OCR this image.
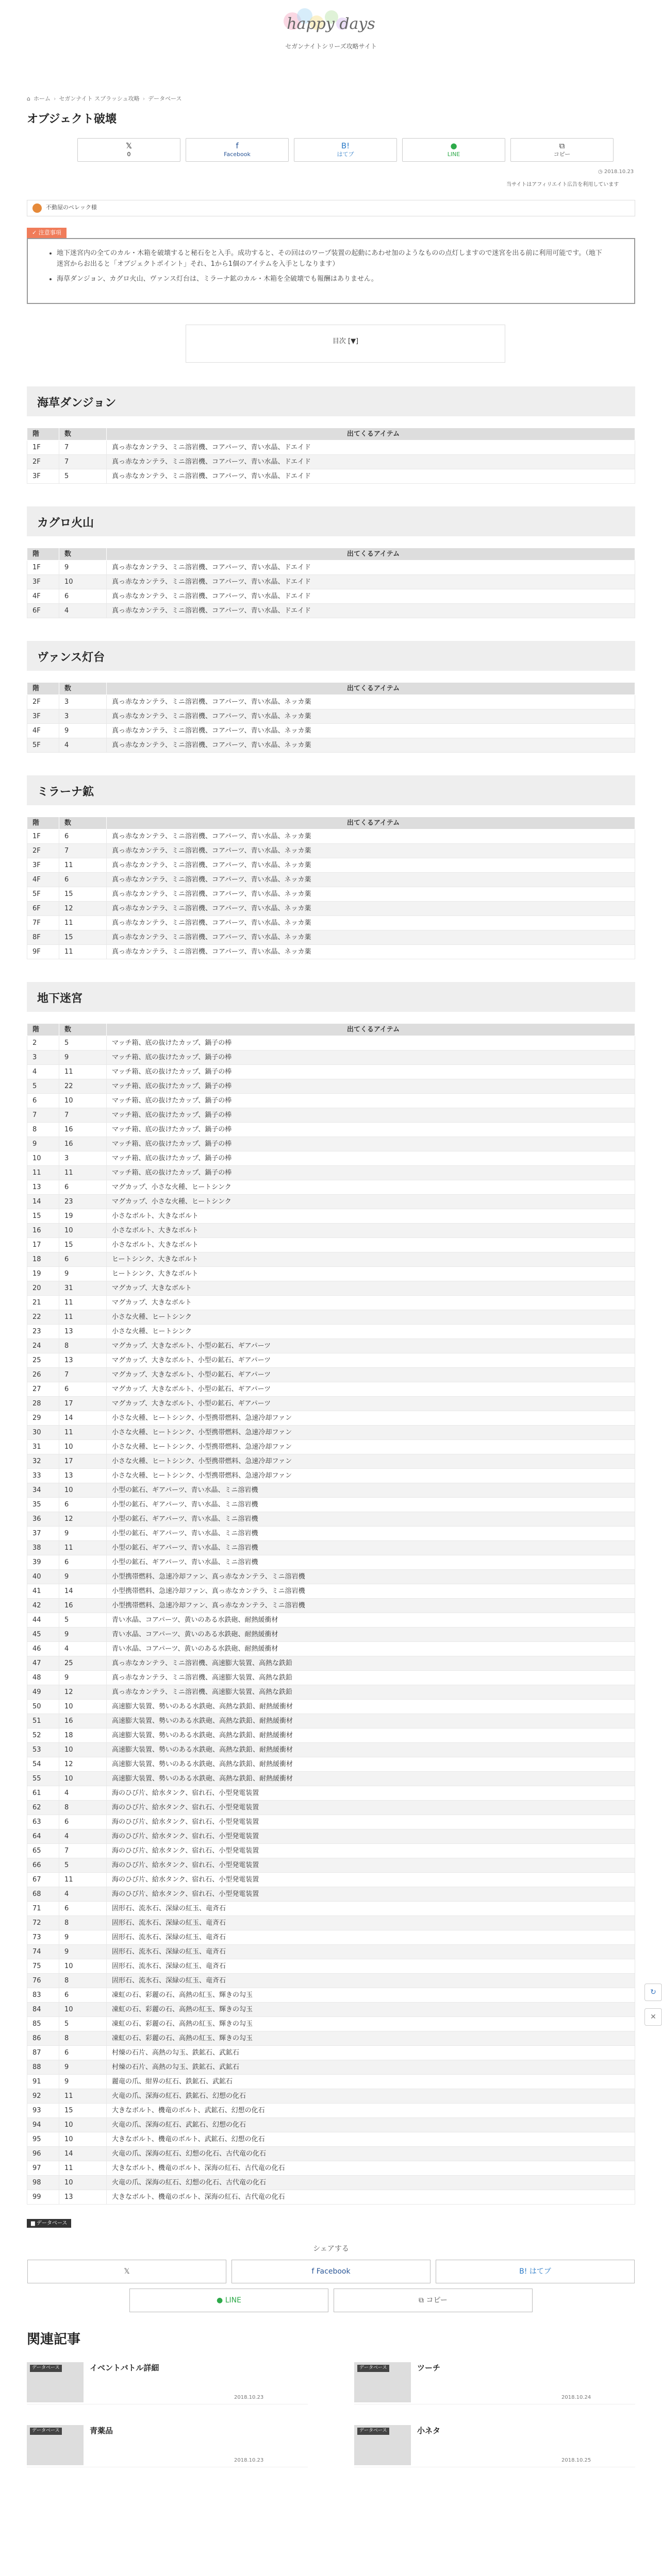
happy days
セガンナイトシリーズ攻略サイト
⌂ ホーム › セガンナイト スプラッシュ攻略 › データベース
オブジェクト破壊
𝕏
0
f
Facebook
B!
はてブ
●
LINE
⧉
コピー
◷ 2018.10.23
当サイトはアフィリエイト広告を利用しています
不動屋のペレック様
✓ 注意事項
• 地下迷宮内の全てのカル・木箱を破壊すると秘石をと入手。成功すると、その回はのワープ装置の起動にあわせ加のようなものの点灯しますので迷宮を出る前に利用可能です。（地下迷宮からお出ると「オブジェクトポイント」それ、1から1個のアイテムを入手としなります）
• 海草ダンジョン、カグロ火山、ヴァンス灯台は、ミラーナ鉱のカル・木箱を全破壊でも報酬はありません。
目次 [▼]
海草ダンジョン
階	数	出てくるアイテム
1F	7	真っ赤なカンテラ、ミニ溶岩機、コアパーツ、青い水晶、ドエイド
2F	7	真っ赤なカンテラ、ミニ溶岩機、コアパーツ、青い水晶、ドエイド
3F	5	真っ赤なカンテラ、ミニ溶岩機、コアパーツ、青い水晶、ドエイド
カグロ火山
階	数	出てくるアイテム
1F	9	真っ赤なカンテラ、ミニ溶岩機、コアパーツ、青い水晶、ドエイド
3F	10	真っ赤なカンテラ、ミニ溶岩機、コアパーツ、青い水晶、ドエイド
4F	6	真っ赤なカンテラ、ミニ溶岩機、コアパーツ、青い水晶、ドエイド
6F	4	真っ赤なカンテラ、ミニ溶岩機、コアパーツ、青い水晶、ドエイド
ヴァンス灯台
階	数	出てくるアイテム
2F	3	真っ赤なカンテラ、ミニ溶岩機、コアパーツ、青い水晶、ネッカ薬
3F	3	真っ赤なカンテラ、ミニ溶岩機、コアパーツ、青い水晶、ネッカ薬
4F	9	真っ赤なカンテラ、ミニ溶岩機、コアパーツ、青い水晶、ネッカ薬
5F	4	真っ赤なカンテラ、ミニ溶岩機、コアパーツ、青い水晶、ネッカ薬
ミラーナ鉱
階	数	出てくるアイテム
1F	6	真っ赤なカンテラ、ミニ溶岩機、コアパーツ、青い水晶、ネッカ薬
2F	7	真っ赤なカンテラ、ミニ溶岩機、コアパーツ、青い水晶、ネッカ薬
3F	11	真っ赤なカンテラ、ミニ溶岩機、コアパーツ、青い水晶、ネッカ薬
4F	6	真っ赤なカンテラ、ミニ溶岩機、コアパーツ、青い水晶、ネッカ薬
5F	15	真っ赤なカンテラ、ミニ溶岩機、コアパーツ、青い水晶、ネッカ薬
6F	12	真っ赤なカンテラ、ミニ溶岩機、コアパーツ、青い水晶、ネッカ薬
7F	11	真っ赤なカンテラ、ミニ溶岩機、コアパーツ、青い水晶、ネッカ薬
8F	15	真っ赤なカンテラ、ミニ溶岩機、コアパーツ、青い水晶、ネッカ薬
9F	11	真っ赤なカンテラ、ミニ溶岩機、コアパーツ、青い水晶、ネッカ薬
地下迷宮
階	数	出てくるアイテム
2	5	マッチ箱、底の抜けたカップ、鍋子の棒
3	9	マッチ箱、底の抜けたカップ、鍋子の棒
4	11	マッチ箱、底の抜けたカップ、鍋子の棒
5	22	マッチ箱、底の抜けたカップ、鍋子の棒
6	10	マッチ箱、底の抜けたカップ、鍋子の棒
7	7	マッチ箱、底の抜けたカップ、鍋子の棒
8	16	マッチ箱、底の抜けたカップ、鍋子の棒
9	16	マッチ箱、底の抜けたカップ、鍋子の棒
10	3	マッチ箱、底の抜けたカップ、鍋子の棒
11	11	マッチ箱、底の抜けたカップ、鍋子の棒
13	6	マグカップ、小さな火種、ヒートシンク
14	23	マグカップ、小さな火種、ヒートシンク
15	19	小さなボルト、大きなボルト
16	10	小さなボルト、大きなボルト
17	15	小さなボルト、大きなボルト
18	6	ヒートシンク、大きなボルト
19	9	ヒートシンク、大きなボルト
20	31	マグカップ、大きなボルト
21	11	マグカップ、大きなボルト
22	11	小さな火種、ヒートシンク
23	13	小さな火種、ヒートシンク
24	8	マグカップ、大きなボルト、小型の鉱石、ギアパーツ
25	13	マグカップ、大きなボルト、小型の鉱石、ギアパーツ
26	7	マグカップ、大きなボルト、小型の鉱石、ギアパーツ
27	6	マグカップ、大きなボルト、小型の鉱石、ギアパーツ
28	17	マグカップ、大きなボルト、小型の鉱石、ギアパーツ
29	14	小さな火種、ヒートシンク、小型携帯燃料、急速冷却ファン
30	11	小さな火種、ヒートシンク、小型携帯燃料、急速冷却ファン
31	10	小さな火種、ヒートシンク、小型携帯燃料、急速冷却ファン
32	17	小さな火種、ヒートシンク、小型携帯燃料、急速冷却ファン
33	13	小さな火種、ヒートシンク、小型携帯燃料、急速冷却ファン
34	10	小型の鉱石、ギアパーツ、青い水晶、ミニ溶岩機
35	6	小型の鉱石、ギアパーツ、青い水晶、ミニ溶岩機
36	12	小型の鉱石、ギアパーツ、青い水晶、ミニ溶岩機
37	9	小型の鉱石、ギアパーツ、青い水晶、ミニ溶岩機
38	11	小型の鉱石、ギアパーツ、青い水晶、ミニ溶岩機
39	6	小型の鉱石、ギアパーツ、青い水晶、ミニ溶岩機
40	9	小型携帯燃料、急速冷却ファン、真っ赤なカンテラ、ミニ溶岩機
41	14	小型携帯燃料、急速冷却ファン、真っ赤なカンテラ、ミニ溶岩機
42	16	小型携帯燃料、急速冷却ファン、真っ赤なカンテラ、ミニ溶岩機
44	5	青い水晶、コアパーツ、黄いのある水鉄砲、耐熱緩衝材
45	9	青い水晶、コアパーツ、黄いのある水鉄砲、耐熱緩衝材
46	4	青い水晶、コアパーツ、黄いのある水鉄砲、耐熱緩衝材
47	25	真っ赤なカンテラ、ミニ溶岩機、高速膨大装置、高熱な鉄鉛
48	9	真っ赤なカンテラ、ミニ溶岩機、高速膨大装置、高熱な鉄鉛
49	12	真っ赤なカンテラ、ミニ溶岩機、高速膨大装置、高熱な鉄鉛
50	10	高速膨大装置、勢いのある水鉄砲、高熱な鉄鉛、耐熱緩衝材
51	16	高速膨大装置、勢いのある水鉄砲、高熱な鉄鉛、耐熱緩衝材
52	18	高速膨大装置、勢いのある水鉄砲、高熱な鉄鉛、耐熱緩衝材
53	10	高速膨大装置、勢いのある水鉄砲、高熱な鉄鉛、耐熱緩衝材
54	12	高速膨大装置、勢いのある水鉄砲、高熱な鉄鉛、耐熱緩衝材
55	10	高速膨大装置、勢いのある水鉄砲、高熱な鉄鉛、耐熱緩衝材
61	4	海のひび片、給水タンク、宿れ石、小型発電装置
62	8	海のひび片、給水タンク、宿れ石、小型発電装置
63	6	海のひび片、給水タンク、宿れ石、小型発電装置
64	4	海のひび片、給水タンク、宿れ石、小型発電装置
65	7	海のひび片、給水タンク、宿れ石、小型発電装置
66	5	海のひび片、給水タンク、宿れ石、小型発電装置
67	11	海のひび片、給水タンク、宿れ石、小型発電装置
68	4	海のひび片、給水タンク、宿れ石、小型発電装置
71	6	固形石、流氷石、深緑の紅玉、竜斉石
72	8	固形石、流氷石、深緑の紅玉、竜斉石
73	9	固形石、流氷石、深緑の紅玉、竜斉石
74	9	固形石、流氷石、深緑の紅玉、竜斉石
75	10	固形石、流氷石、深緑の紅玉、竜斉石
76	8	固形石、流氷石、深緑の紅玉、竜斉石
83	6	凍虹の石、彩麗の石、高熱の紅玉、輝きの勾玉
84	10	凍虹の石、彩麗の石、高熱の紅玉、輝きの勾玉
85	5	凍虹の石、彩麗の石、高熱の紅玉、輝きの勾玉
86	8	凍虹の石、彩麗の石、高熱の紅玉、輝きの勾玉
87	6	村煉の石片、高熱の勾玉、鉄鉱石、武鉱石
88	9	村煉の石片、高熱の勾玉、鉄鉱石、武鉱石
91	9	麗竜の爪、紺界の紅石、鉄鉱石、武鉱石
92	11	火竜の爪、深海の紅石、鉄鉱石、幻想の化石
93	15	大きなボルト、機竜のボルト、武鉱石、幻想の化石
94	10	火竜の爪、深海の紅石、武鉱石、幻想の化石
95	10	大きなボルト、機竜のボルト、武鉱石、幻想の化石
96	14	火竜の爪、深海の紅石、幻想の化石、古代竜の化石
97	11	大きなボルト、機竜のボルト、深海の紅石、古代竜の化石
98	10	火竜の爪、深海の紅石、幻想の化石、古代竜の化石
99	13	大きなボルト、機竜のボルト、深海の紅石、古代竜の化石
▆ データベース
シェアする
𝕏	f Facebook	B! はてブ
● LINE	⧉ コピー
関連記事
データベース	イベントバトル詳細
2018.10.23
データベース	ツーチ
2018.10.24
データベース	青薬品
2018.10.23
データベース	小ネタ
2018.10.25
↻
✕
